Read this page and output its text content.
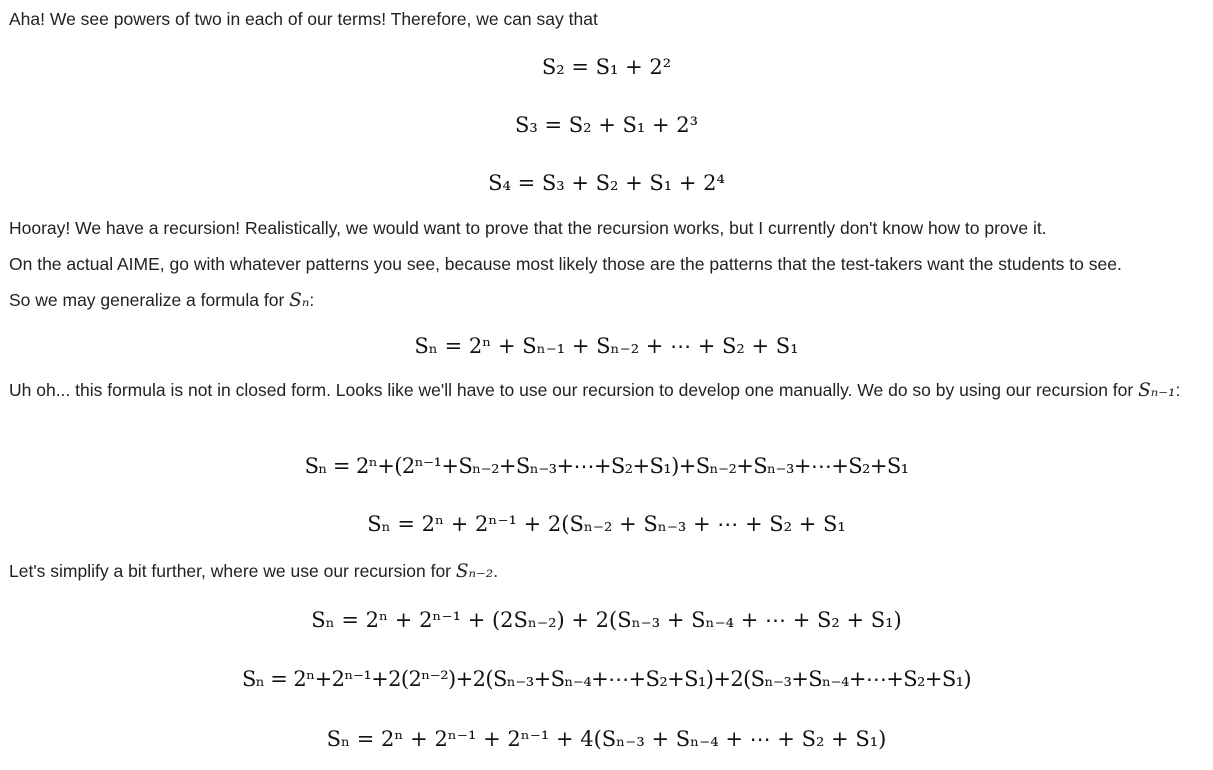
Aha! We see powers of two in each of our terms! Therefore, we can say that
S₂ = S₁ + 2²
S₃ = S₂ + S₁ + 2³
S₄ = S₃ + S₂ + S₁ + 2⁴
Hooray! We have a recursion! Realistically, we would want to prove that the recursion works, but I currently don't know how to prove it.
On the actual AIME, go with whatever patterns you see, because most likely those are the patterns that the test-takers want the students to see.
So we may generalize a formula for Sₙ:
Sₙ = 2ⁿ + Sₙ₋₁ + Sₙ₋₂ + ⋯ + S₂ + S₁
Uh oh... this formula is not in closed form. Looks like we'll have to use our recursion to develop one manually. We do so by using our recursion for Sₙ₋₁:
Sₙ = 2ⁿ+(2ⁿ⁻¹+Sₙ₋₂+Sₙ₋₃+⋯+S₂+S₁)+Sₙ₋₂+Sₙ₋₃+⋯+S₂+S₁
Sₙ = 2ⁿ + 2ⁿ⁻¹ + 2(Sₙ₋₂ + Sₙ₋₃ + ⋯ + S₂ + S₁
Let's simplify a bit further, where we use our recursion for Sₙ₋₂.
Sₙ = 2ⁿ + 2ⁿ⁻¹ + (2Sₙ₋₂) + 2(Sₙ₋₃ + Sₙ₋₄ + ⋯ + S₂ + S₁)
Sₙ = 2ⁿ+2ⁿ⁻¹+2(2ⁿ⁻²)+2(Sₙ₋₃+Sₙ₋₄+⋯+S₂+S₁)+2(Sₙ₋₃+Sₙ₋₄+⋯+S₂+S₁)
Sₙ = 2ⁿ + 2ⁿ⁻¹ + 2ⁿ⁻¹ + 4(Sₙ₋₃ + Sₙ₋₄ + ⋯ + S₂ + S₁)
